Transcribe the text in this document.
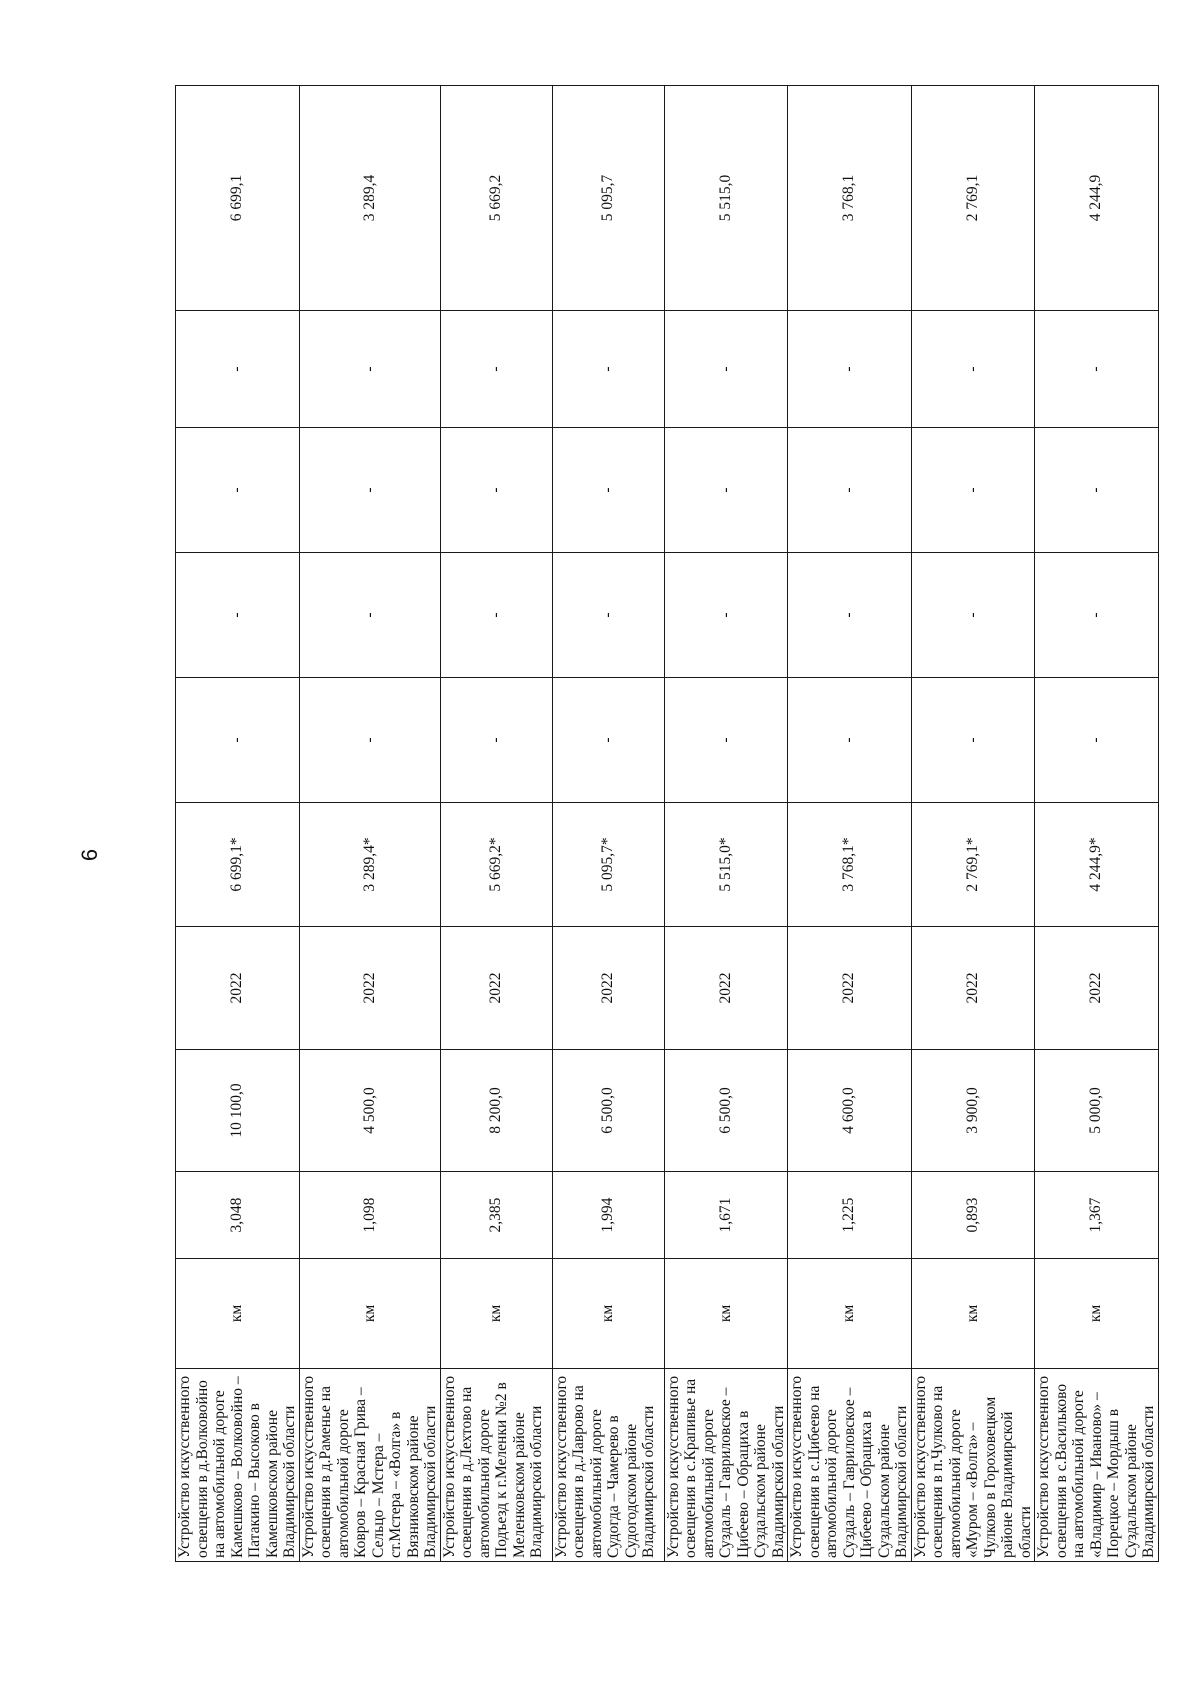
6
Устройство искусственного освещения в д.Волковойно на автомобильной дороге Камешково – Волковойно – Патакино – Высоково в Камешковском районе Владимирской области	км	3,048	10 100,0	2022	6 699,1*	-	-	-	-	6 699,1
Устройство искусственного освещения в д.Раменье на автомобильной дороге Ковров – Красная Грива – Сельцо – Мстера – ст.Мстера – «Волга» в Вязниковском районе Владимирской области	км	1,098	4 500,0	2022	3 289,4*	-	-	-	-	3 289,4
Устройство искусственного освещения в д.Лехтово на автомобильной дороге Подъезд к г.Меленки №2 в Меленковском районе Владимирской области	км	2,385	8 200,0	2022	5 669,2*	-	-	-	-	5 669,2
Устройство искусственного освещения в д.Лаврово на автомобильной дороге Судогда – Чамерево в Судогодском районе Владимирской области	км	1,994	6 500,0	2022	5 095,7*	-	-	-	-	5 095,7
Устройство искусственного освещения в с.Крапивье на автомобильной дороге Суздаль – Гавриловское – Цибеево – Обрациха в Суздальском районе Владимирской области	км	1,671	6 500,0	2022	5 515,0*	-	-	-	-	5 515,0
Устройство искусственного освещения в с.Цибеево на автомобильной дороге Суздаль – Гавриловское – Цибеево – Обрациха в Суздальском районе Владимирской области	км	1,225	4 600,0	2022	3 768,1*	-	-	-	-	3 768,1
Устройство искусственного освещения в п.Чулково на автомобильной дороге «Муром – «Волга» – Чулково в Гороховецком районе Владимирской области	км	0,893	3 900,0	2022	2 769,1*	-	-	-	-	2 769,1
Устройство искусственного освещения в с.Васильково на автомобильной дороге «Владимир – Иваново» – Порецкое – Мордыш в Суздальском районе Владимирской области	км	1,367	5 000,0	2022	4 244,9*	-	-	-	-	4 244,9
